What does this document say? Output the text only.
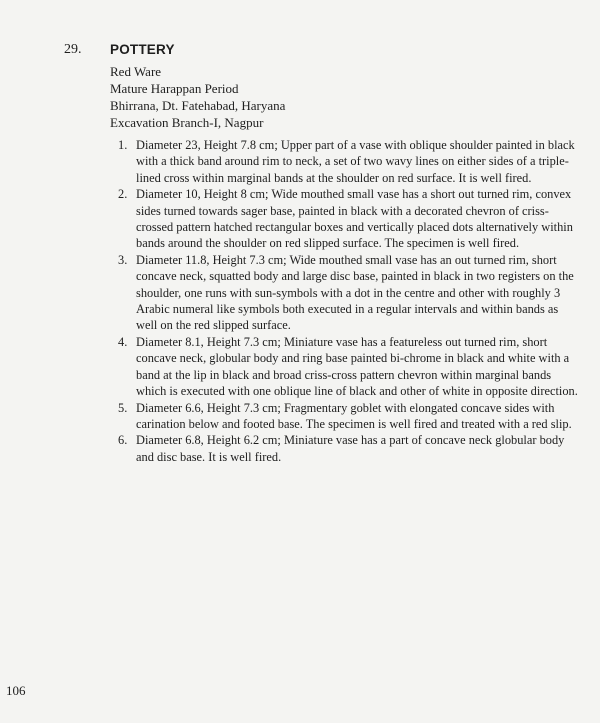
29. POTTERY
Red Ware
Mature Harappan Period
Bhirrana, Dt. Fatehabad, Haryana
Excavation Branch-I, Nagpur
1. Diameter 23, Height 7.8 cm; Upper part of a vase with oblique shoulder painted in black with a thick band around rim to neck, a set of two wavy lines on either sides of a triple-lined cross within marginal bands at the shoulder on red surface. It is well fired.
2. Diameter 10, Height 8 cm; Wide mouthed small vase has a short out turned rim, convex sides turned towards sager base, painted in black with a decorated chevron of criss-crossed pattern hatched rectangular boxes and vertically placed dots alternatively within bands around the shoulder on red slipped surface. The specimen is well fired.
3. Diameter 11.8, Height 7.3 cm; Wide mouthed small vase has an out turned rim, short concave neck, squatted body and large disc base, painted in black in two registers on the shoulder, one runs with sun-symbols with a dot in the centre and other with roughly 3 Arabic numeral like symbols both executed in a regular intervals and within bands as well on the red slipped surface.
4. Diameter 8.1, Height 7.3 cm; Miniature vase has a featureless out turned rim, short concave neck, globular body and ring base painted bi-chrome in black and white with a band at the lip in black and broad criss-cross pattern chevron within marginal bands which is executed with one oblique line of black and other of white in opposite direction.
5. Diameter 6.6, Height 7.3 cm; Fragmentary goblet with elongated concave sides with carination below and footed base. The specimen is well fired and treated with a red slip.
6. Diameter 6.8, Height 6.2 cm; Miniature vase has a part of concave neck globular body and disc base. It is well fired.
106
